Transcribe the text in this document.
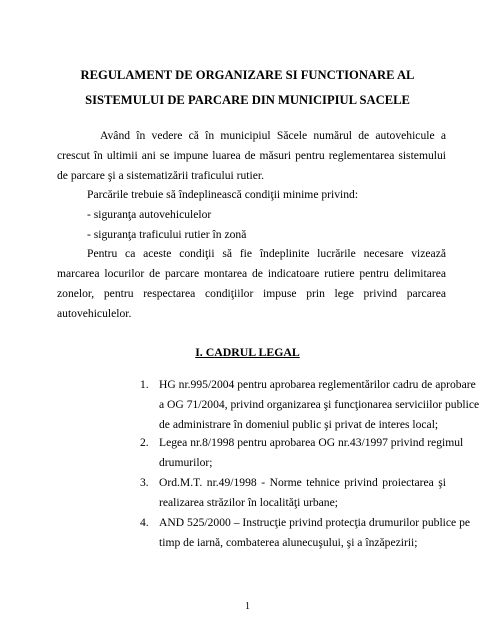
REGULAMENT DE ORGANIZARE SI FUNCTIONARE AL
SISTEMULUI DE PARCARE DIN MUNICIPIUL SACELE
Având în vedere că în municipiul Săcele numărul de autovehicule a
crescut în ultimii ani se impune luarea de măsuri pentru reglementarea sistemului
de parcare şi a sistematizării traficului rutier.
Parcările trebuie să îndeplinească condiţii minime privind:
- siguranţa autovehiculelor
- siguranţa traficului rutier în zonă
Pentru ca aceste condiţii să fie îndeplinite lucrările necesare vizează
marcarea locurilor de parcare montarea de indicatoare rutiere pentru delimitarea
zonelor, pentru respectarea condiţiilor impuse prin lege privind parcarea
autovehiculelor.
I. CADRUL LEGAL
1. HG nr.995/2004 pentru aprobarea reglementărilor cadru de aprobare
a OG 71/2004, privind organizarea şi funcţionarea serviciilor publice
de administrare în domeniul public şi privat de interes local;
2. Legea nr.8/1998 pentru aprobarea OG nr.43/1997 privind regimul
drumurilor;
3. Ord.M.T. nr.49/1998 - Norme tehnice privind proiectarea şi
realizarea străzilor în localităţi urbane;
4. AND 525/2000 – Instrucţie privind protecţia drumurilor publice pe
timp de iarnă, combaterea alunecuşului, şi a înzăpezirii;
1
